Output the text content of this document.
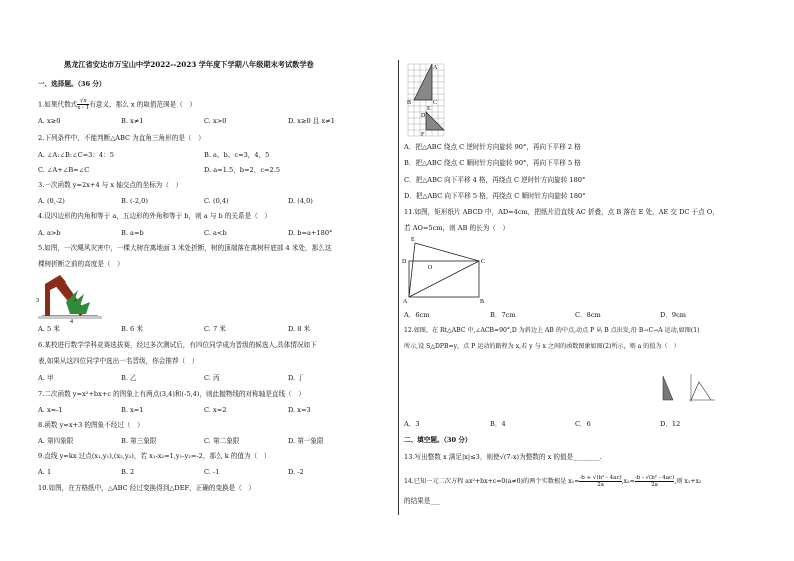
黑龙江省安达市万宝山中学2022--2023 学年度下学期八年级期末考试数学卷
一、选择题。（36 分）
1.如果代数式 $\frac{√x}{x - 1}$ 有意义，那么 x 的取值范围是（　）
A. x≥0	B. x≠1	C. x>0	D. x≥0 且 x≠1
2.下列条件中，不能判断△ABC 为直角三角形的是（　）
A. ∠A:∠B:∠C=3：4：5	B. a、b、c=3，4，5
C. ∠A+∠B=∠C	D. a=1.5，b=2，c=2.5
3.一次函数 y=2x+4 与 x 轴交点的坐标为（　）
A. (0,-2)	B. (-2,0)	C. (0,4)	D. (4,0)
4.设四边形的内角和等于 a，五边形的外角和等于 b，则 a 与 b 的关系是（　）
A. a>b	B. a=b	C. a<b	D. b=a+180°
5.如图，一次飓风灾害中，一棵大树在离地面 3 米处折断，树的顶端落在离树杆底部 4 米处，那么这
棵树折断之前的高度是（　）
3
4
A. 5 米	B. 6 米	C. 7 米	D. 8 米
6.某校进行数学学科竞赛选拔赛，经过多次测试后，有四位同学成为晋级的候选人,具体情况如下
表,如果从这四位同学中选出一名晋级，你会推荐（　）
A. 甲	B. 乙	C. 丙	D. 丁
7.二次函数 y=x²+bx+c 的图象上有两点(3,4)和(-5,4)，则此抛物线的对称轴是直线（　）
A. x=-1	B. x=1	C. x=2	D. x=3
8.函数 y=x+3 的图象不经过（　）
A. 第四象限	B. 第三象限	C. 第二象限	D. 第一象限
9.直线 y=kx 过点(x₁,y₁),(x₂,y₂)，若 x₁-x₂=1,y₁-y₂=-2，那么 k 的值为（　）
A. 1	B. 2	C. -1	D. -2
10.如图，在方格纸中，△ABC 经过变换得到△DEF，正确的变换是（　）
A
B	C
D
E
F
A．把△ABC 绕点 C 逆时针方向旋转 90°，再向下平移 2 格
B．把△ABC 绕点 C 顺时针方向旋转 90°，再向下平移 5 格
C．把△ABC 向下平移 4 格，再绕点 C 逆时针方向旋转 180°
D．把△ABC 向下平移 5 格，再绕点 C 顺时针方向旋转 180°
11.如图，矩形纸片 ABCD 中，AD=4cm，把纸片沿直线 AC 折叠，点 B 落在 E 处，AE 交 DC 于点 O，
若 AO=5cm，则 AB 的长为（　）
E
D
O
C
A	B
A．6cm	B．7cm	C．8cm	D．9cm
12.如图，在 Rt△ABC 中,∠ACB=90°,D 为斜边上 AB 的中点,动点 P 从 B 点出发,沿 B→C→A 运动,如图(1)
所示,设 S△DPB=y，点 P 运动的路程为 x,若 y 与 x 之间的函数图象如图(2)所示，则 a 的值为（　）
A．3	B．4	C．6	D．12
二、填空题。（30 分）
13.写出整数 x 满足|x|≤3，则使√(7-x)为整数的 x 的值是________.
14.已知一元二次方程 ax²+bx+c=0(a≠0)的两个实数根是 $x_1= \frac{\text{-b + √(b² - 4ac)}}{2a} ,x_2= \frac{\text{-b - √(b² - 4ac)}}{2a}$ ,则 x₁+x₂
的结果是___
